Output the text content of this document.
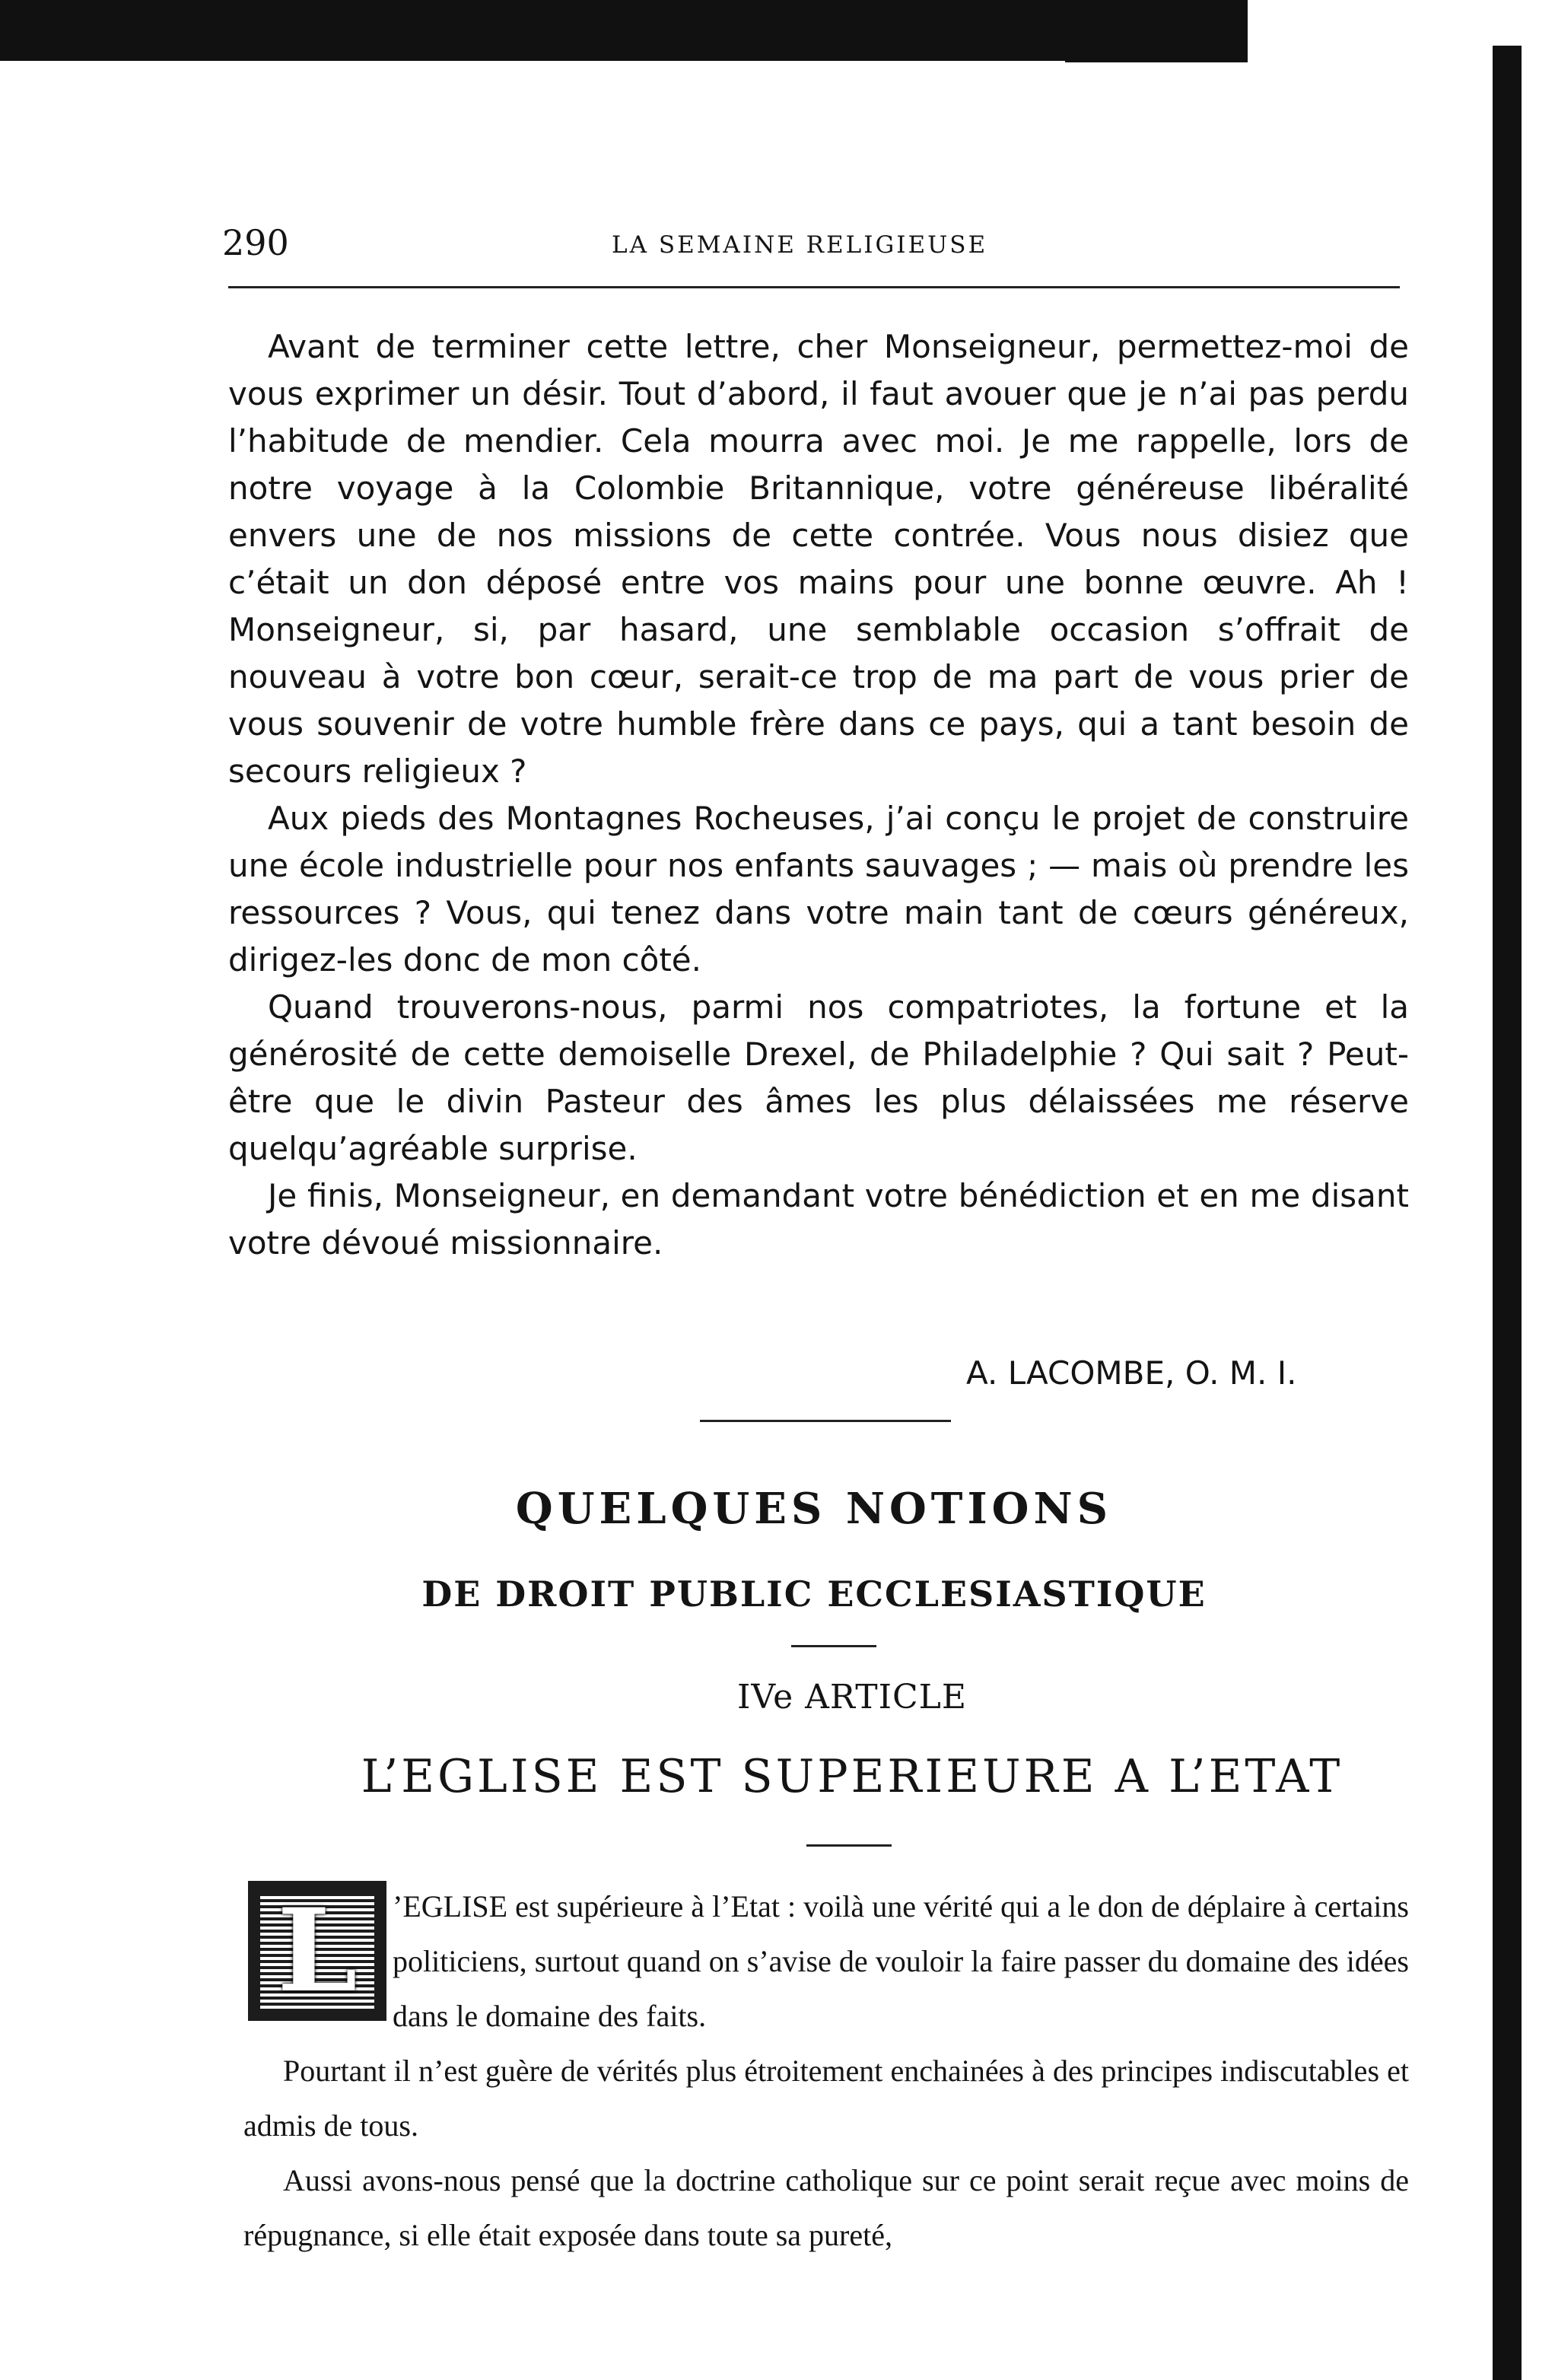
290	LA SEMAINE RELIGIEUSE

Avant de terminer cette lettre, cher Monseigneur, permettez-moi de vous exprimer un désir. Tout d’abord, il faut avouer que je n’ai pas perdu l’habitude de mendier. Cela mourra avec moi. Je me rappelle, lors de notre voyage à la Colombie Britannique, votre généreuse libéralité envers une de nos missions de cette contrée. Vous nous disiez que c’était un don déposé entre vos mains pour une bonne œuvre. Ah ! Monseigneur, si, par hasard, une semblable occasion s’offrait de nouveau à votre bon cœur, serait-ce trop de ma part de vous prier de vous souvenir de votre humble frère dans ce pays, qui a tant besoin de secours religieux ?

Aux pieds des Montagnes Rocheuses, j’ai conçu le projet de construire une école industrielle pour nos enfants sauvages ; — mais où prendre les ressources ? Vous, qui tenez dans votre main tant de cœurs généreux, dirigez-les donc de mon côté.

Quand trouverons-nous, parmi nos compatriotes, la fortune et la générosité de cette demoiselle Drexel, de Philadelphie ? Qui sait ? Peut-être que le divin Pasteur des âmes les plus délaissées me réserve quelqu’agréable surprise.

Je finis, Monseigneur, en demandant votre bénédiction et en me disant votre dévoué missionnaire.

A. LACOMBE, O. M. I.
QUELQUES NOTIONS
DE DROIT PUBLIC ECCLESIASTIQUE
IVe ARTICLE
L’EGLISE EST SUPERIEURE A L’ETAT

’EGLISE est supérieure à l’Etat : voilà une vérité qui a le don de déplaire à certains politiciens, surtout quand on s’avise de vouloir la faire passer du domaine des idées dans le domaine des faits.

Pourtant il n’est guère de vérités plus étroitement enchainées à des principes indiscutables et admis de tous.

Aussi avons-nous pensé que la doctrine catholique sur ce point serait reçue avec moins de répugnance, si elle était exposée dans toute sa pureté,

L
